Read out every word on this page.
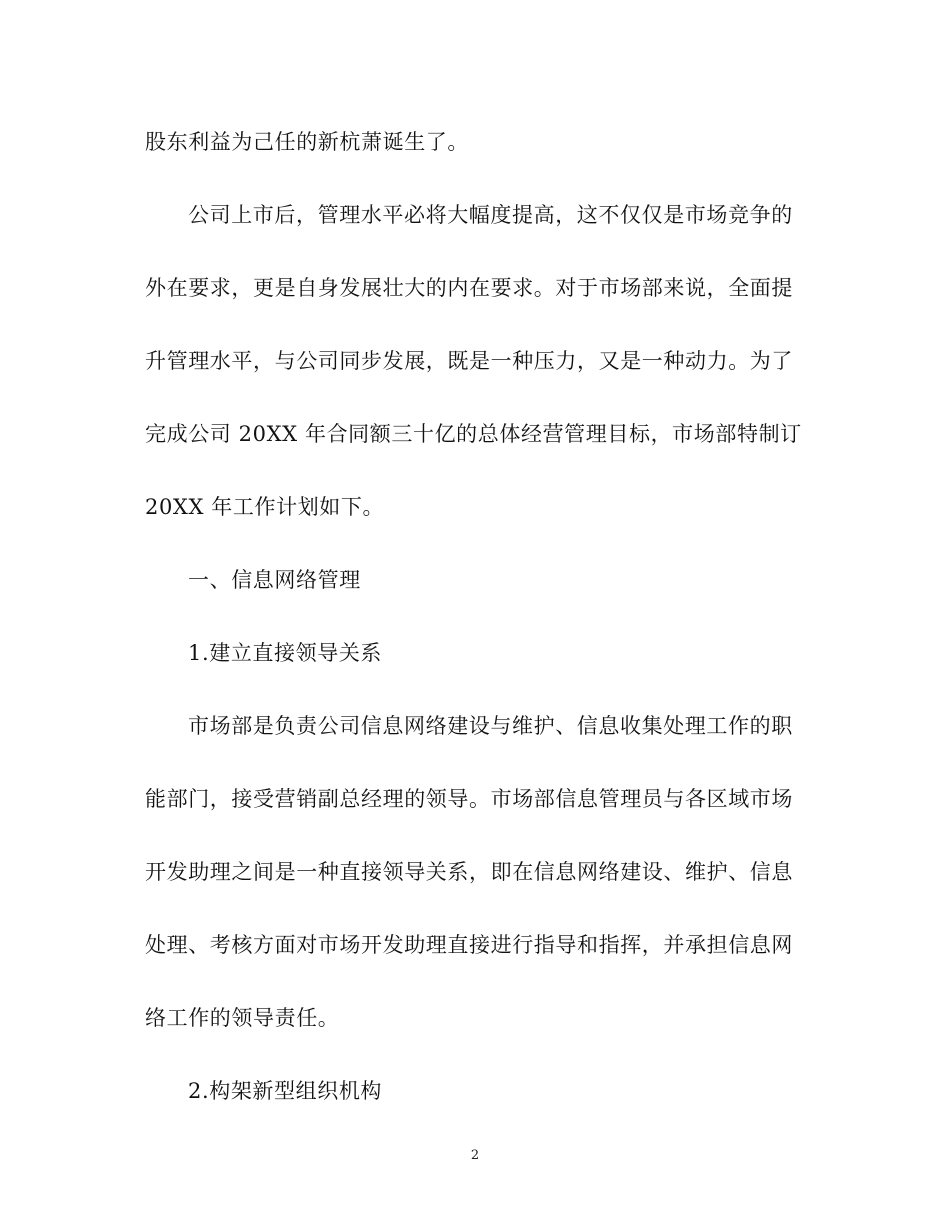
股东利益为己任的新杭萧诞生了。
公司上市后，管理水平必将大幅度提高，这不仅仅是市场竞争的
外在要求，更是自身发展壮大的内在要求。对于市场部来说，全面提
升管理水平，与公司同步发展，既是一种压力，又是一种动力。为了
完成公司 20XX 年合同额三十亿的总体经营管理目标，市场部特制订
20XX 年工作计划如下。
一、信息网络管理
1.建立直接领导关系
市场部是负责公司信息网络建设与维护、信息收集处理工作的职
能部门，接受营销副总经理的领导。市场部信息管理员与各区域市场
开发助理之间是一种直接领导关系，即在信息网络建设、维护、信息
处理、考核方面对市场开发助理直接进行指导和指挥，并承担信息网
络工作的领导责任。
2.构架新型组织机构
2
